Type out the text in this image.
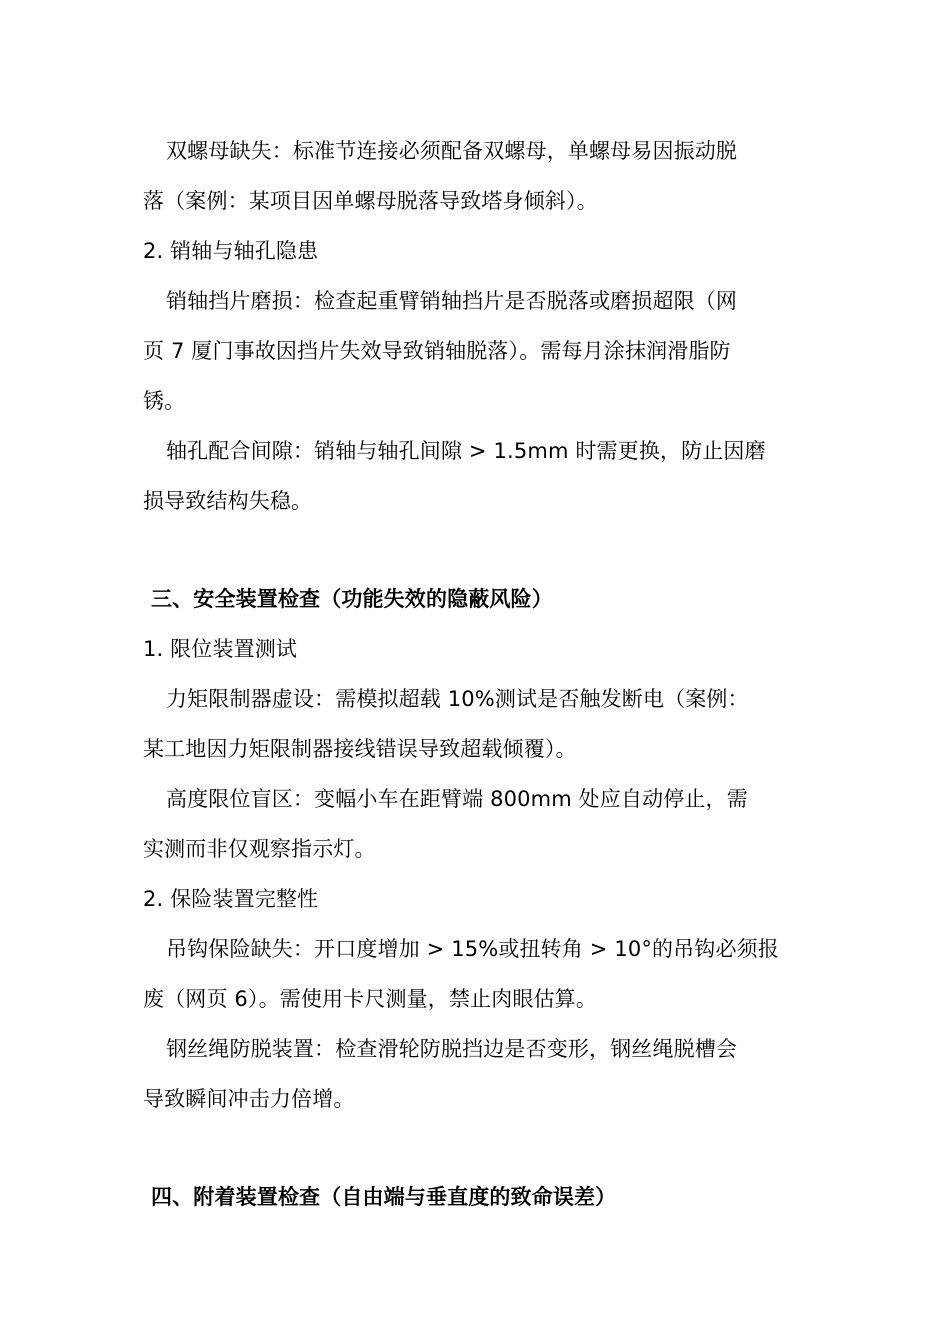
双螺母缺失：标准节连接必须配备双螺母，单螺母易因振动脱
落（案例：某项目因单螺母脱落导致塔身倾斜）。
2. 销轴与轴孔隐患
销轴挡片磨损：检查起重臂销轴挡片是否脱落或磨损超限（网
页 7 厦门事故因挡片失效导致销轴脱落）。需每月涂抹润滑脂防
锈。
轴孔配合间隙：销轴与轴孔间隙 > 1.5mm 时需更换，防止因磨
损导致结构失稳。
三、安全装置检查（功能失效的隐蔽风险）
1. 限位装置测试
力矩限制器虚设：需模拟超载 10%测试是否触发断电（案例：
某工地因力矩限制器接线错误导致超载倾覆）。
高度限位盲区：变幅小车在距臂端 800mm 处应自动停止，需
实测而非仅观察指示灯。
2. 保险装置完整性
吊钩保险缺失：开口度增加 > 15%或扭转角 > 10°的吊钩必须报
废（网页 6）。需使用卡尺测量，禁止肉眼估算。
钢丝绳防脱装置：检查滑轮防脱挡边是否变形，钢丝绳脱槽会
导致瞬间冲击力倍增。
四、附着装置检查（自由端与垂直度的致命误差）
